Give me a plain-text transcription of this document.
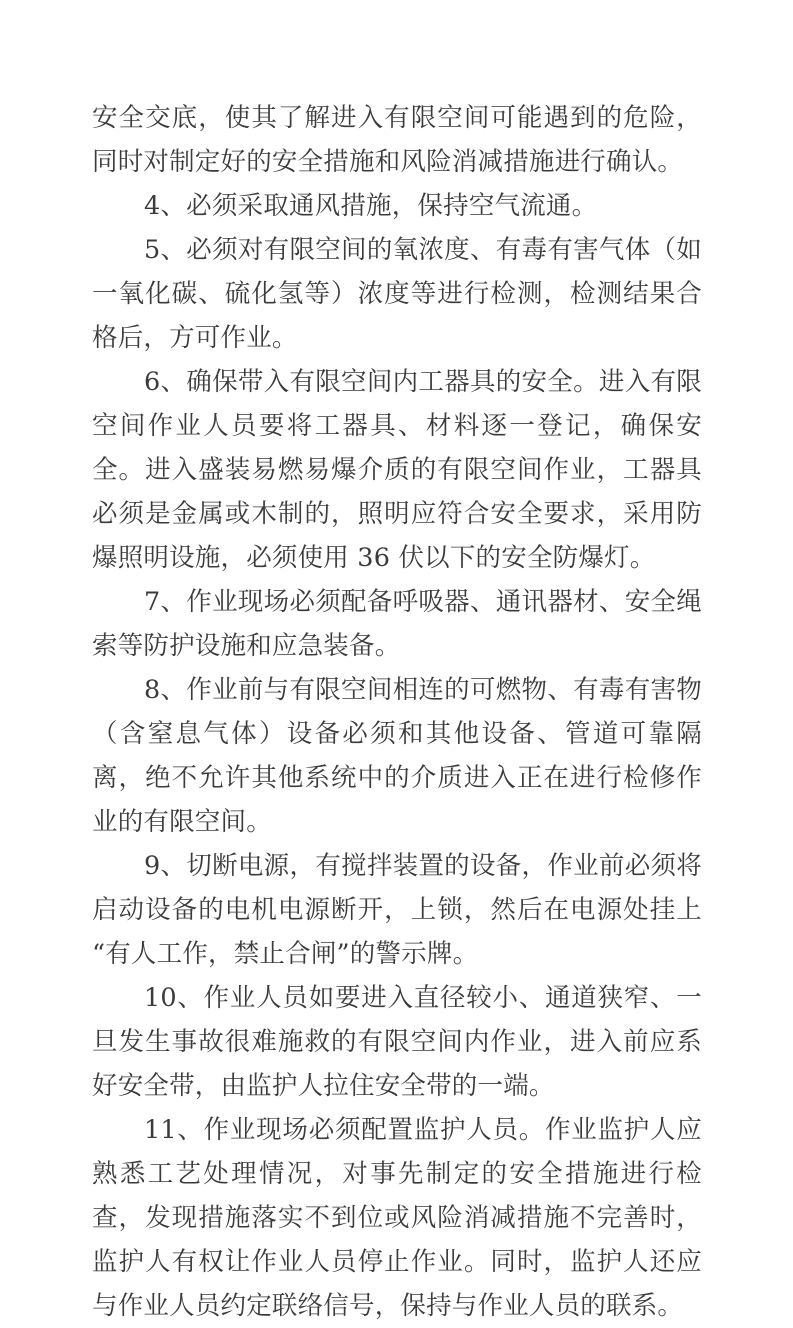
安全交底，使其了解进入有限空间可能遇到的危险，同时对制定好的安全措施和风险消减措施进行确认。

4、必须采取通风措施，保持空气流通。

5、必须对有限空间的氧浓度、有毒有害气体（如一氧化碳、硫化氢等）浓度等进行检测，检测结果合格后，方可作业。

6、确保带入有限空间内工器具的安全。进入有限空间作业人员要将工器具、材料逐一登记，确保安全。进入盛装易燃易爆介质的有限空间作业，工器具必须是金属或木制的，照明应符合安全要求，采用防爆照明设施，必须使用 36 伏以下的安全防爆灯。

7、作业现场必须配备呼吸器、通讯器材、安全绳索等防护设施和应急装备。

8、作业前与有限空间相连的可燃物、有毒有害物（含窒息气体）设备必须和其他设备、管道可靠隔离，绝不允许其他系统中的介质进入正在进行检修作业的有限空间。

9、切断电源，有搅拌装置的设备，作业前必须将启动设备的电机电源断开，上锁，然后在电源处挂上“有人工作，禁止合闸”的警示牌。

10、作业人员如要进入直径较小、通道狭窄、一旦发生事故很难施救的有限空间内作业，进入前应系好安全带，由监护人拉住安全带的一端。

11、作业现场必须配置监护人员。作业监护人应熟悉工艺处理情况，对事先制定的安全措施进行检查，发现措施落实不到位或风险消减措施不完善时，监护人有权让作业人员停止作业。同时，监护人还应与作业人员约定联络信号，保持与作业人员的联系。
